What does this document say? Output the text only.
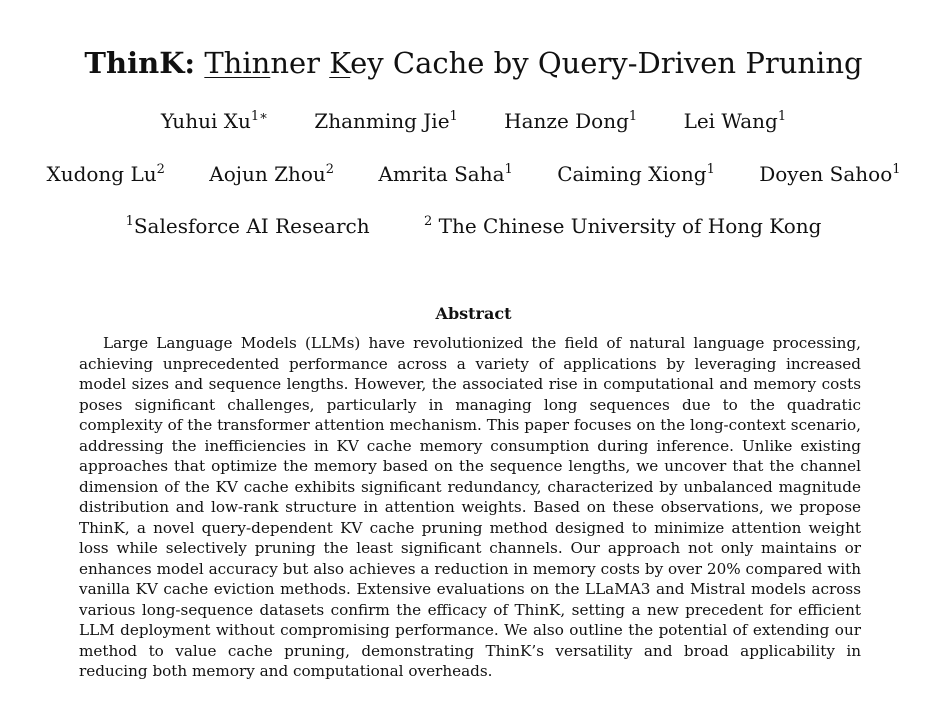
ThinK: Thinner Key Cache by Query-Driven Pruning
Yuhui $Xu^{1∗}$ Zhanming Jie$^1$ Hanze Dong$^1$ Lei Wang$^1$
Xudong Lu$^2$ Aojun Zhou$^2$ Amrita Saha$^1$ Caiming Xiong$^1$ Doyen Sahoo$^1$
$^1$Salesforce AI Research	$^2$ The Chinese University of Hong Kong
Abstract

Large Language Models (LLMs) have revolutionized the field of natural language processing, achieving unprecedented performance across a variety of applications by leveraging increased model sizes and sequence lengths. However, the associated rise in computational and memory costs poses significant challenges, particularly in managing long sequences due to the quadratic complexity of the transformer attention mechanism. This paper focuses on the long-context scenario, addressing the inefficiencies in KV cache memory consumption during inference. Unlike existing approaches that optimize the memory based on the sequence lengths, we uncover that the channel dimension of the KV cache exhibits significant redundancy, characterized by unbalanced magnitude distribution and low-rank structure in attention weights. Based on these observations, we propose ThinK, a novel query-dependent KV cache pruning method designed to minimize attention weight loss while selectively pruning the least significant channels. Our approach not only maintains or enhances model accuracy but also achieves a reduction in memory costs by over 20% compared with vanilla KV cache eviction methods. Extensive evaluations on the LLaMA3 and Mistral models across various long-sequence datasets confirm the efficacy of ThinK, setting a new precedent for efficient LLM deployment without compromising performance. We also outline the potential of extending our method to value cache pruning, demonstrating ThinK’s versatility and broad applicability in reducing both memory and computational overheads.
